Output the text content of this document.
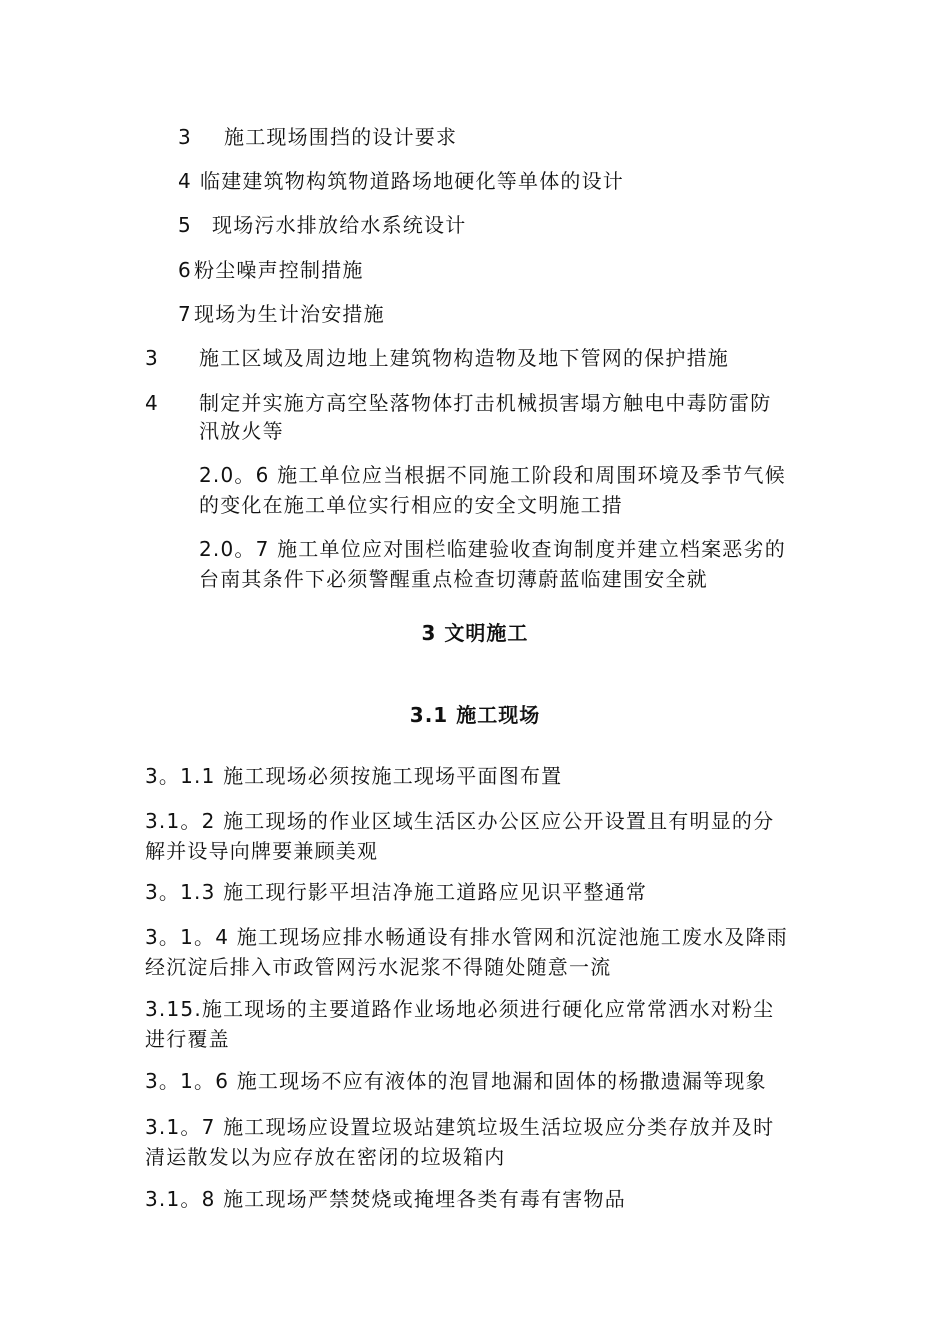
3 施工现场围挡的设计要求
4 临建建筑物构筑物道路场地硬化等单体的设计
5 现场污水排放给水系统设计
6 粉尘噪声控制措施
7 现场为生计治安措施
3 施工区域及周边地上建筑物构造物及地下管网的保护措施
4 制定并实施方高空坠落物体打击机械损害塌方触电中毒防雷防
汛放火等
2.0。6 施工单位应当根据不同施工阶段和周围环境及季节气候
的变化在施工单位实行相应的安全文明施工措
2.0。7 施工单位应对围栏临建验收查询制度并建立档案恶劣的
台南其条件下必须警醒重点检查切薄蔚蓝临建围安全就
3 文明施工
3.1 施工现场
3。1.1 施工现场必须按施工现场平面图布置
3.1。2 施工现场的作业区域生活区办公区应公开设置且有明显的分
解并设导向牌要兼顾美观
3。1.3 施工现行影平坦洁净施工道路应见识平整通常
3。1。4 施工现场应排水畅通设有排水管网和沉淀池施工废水及降雨
经沉淀后排入市政管网污水泥浆不得随处随意一流
3.15.施工现场的主要道路作业场地必须进行硬化应常常洒水对粉尘
进行覆盖
3。1。6 施工现场不应有液体的泡冒地漏和固体的杨撒遗漏等现象
3.1。7 施工现场应设置垃圾站建筑垃圾生活垃圾应分类存放并及时
清运散发以为应存放在密闭的垃圾箱内
3.1。8 施工现场严禁焚烧或掩埋各类有毒有害物品
